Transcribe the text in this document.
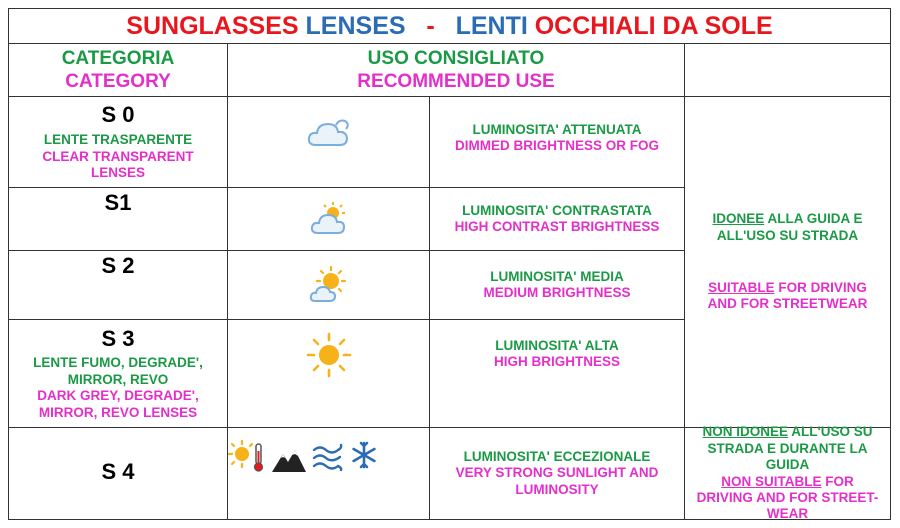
SUNGLASSES
LENSES
-
LENTI
OCCHIALI DA SOLE
CATEGORIA
CATEGORY
USO CONSIGLIATO
RECOMMENDED USE
S 0
LENTE TRASPARENTE
CLEAR TRANSPARENT LENSES
LUMINOSITA' ATTENUATA
DIMMED BRIGHTNESS OR FOG
S1	LUMINOSITA' CONTRASTATA
HIGH CONTRAST BRIGHTNESS
S 2	LUMINOSITA' MEDIA
MEDIUM BRIGHTNESS
S 3
LENTE FUMO, DEGRADE', MIRROR, REVO
DARK GREY, DEGRADE', MIRROR, REVO LENSES
LUMINOSITA' ALTA
HIGH BRIGHTNESS
S 4
LUMINOSITA' ECCEZIONALE
VERY STRONG SUNLIGHT AND LUMINOSITY
IDONEE ALLA GUIDA E ALL'USO SU STRADA
SUITABLE FOR DRIVING AND FOR STREETWEAR
NON IDONEE ALL'USO SU STRADA E DURANTE LA GUIDA
NON SUITABLE FOR DRIVING AND FOR STREET-WEAR
